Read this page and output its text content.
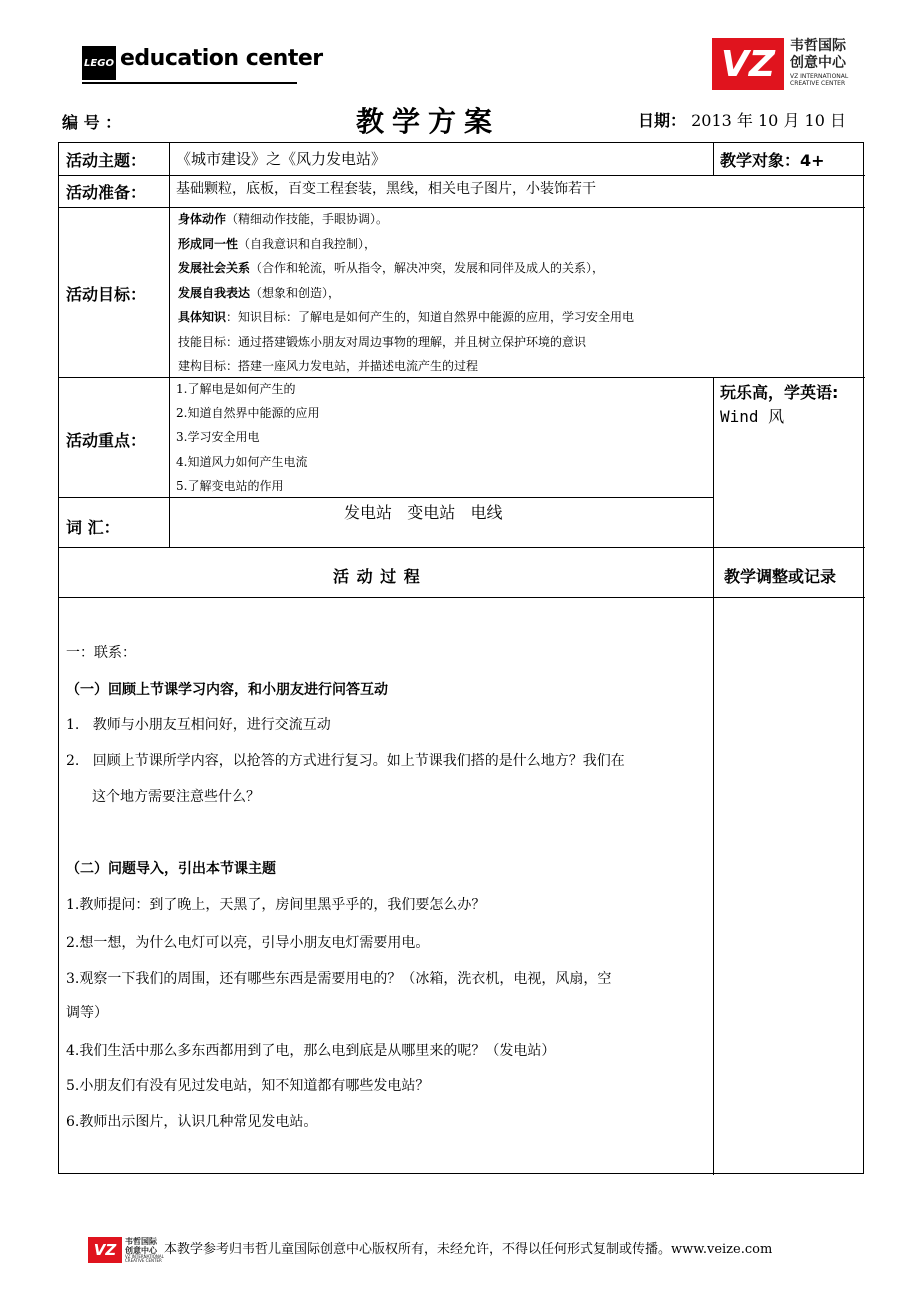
LEGO education center	VZ	韦哲国际
创意中心
VZ INTERNATIONAL
CREATIVE CENTER
编 号 ：	教学方案	日期： 2013 年 10 月 10 日
活动主题： 《城市建设》之《风力发电站》	教学对象：4+
活动准备： 基础颗粒，底板，百变工程套装，黑线，相关电子图片，小装饰若干
活动目标：
身体动作（精细动作技能，手眼协调）。
形成同一性（自我意识和自我控制），
发展社会关系（合作和轮流，听从指令，解决冲突，发展和同伴及成人的关系），
发展自我表达（想象和创造），
具体知识：知识目标：了解电是如何产生的，知道自然界中能源的应用，学习安全用电
技能目标：通过搭建锻炼小朋友对周边事物的理解，并且树立保护环境的意识
建构目标：搭建一座风力发电站，并描述电流产生的过程
活动重点：
1.了解电是如何产生的
2.知道自然界中能源的应用
3.学习安全用电
4.知道风力如何产生电流
5.了解变电站的作用
玩乐高，学英语:
Wind 风
词 汇：
发电站   变电站   电线
活 动 过 程	教学调整或记录
一：联系：
（一）回顾上节课学习内容，和小朋友进行问答互动
1.   教师与小朋友互相问好，进行交流互动
2.   回顾上节课所学内容，以抢答的方式进行复习。如上节课我们搭的是什么地方？我们在
这个地方需要注意些什么？
（二）问题导入，引出本节课主题
1.教师提问：到了晚上，天黑了，房间里黑乎乎的，我们要怎么办？
2.想一想，为什么电灯可以亮，引导小朋友电灯需要用电。
3.观察一下我们的周围，还有哪些东西是需要用电的？（冰箱，洗衣机，电视，风扇，空
调等）
4.我们生活中那么多东西都用到了电，那么电到底是从哪里来的呢？（发电站）
5.小朋友们有没有见过发电站，知不知道都有哪些发电站？
6.教师出示图片，认识几种常见发电站。
VZ	韦哲国际
创意中心
VZ INTERNATIONAL
CREATIVE CENTER
本教学参考归韦哲儿童国际创意中心版权所有，未经允许，不得以任何形式复制或传播。www.veize.com
